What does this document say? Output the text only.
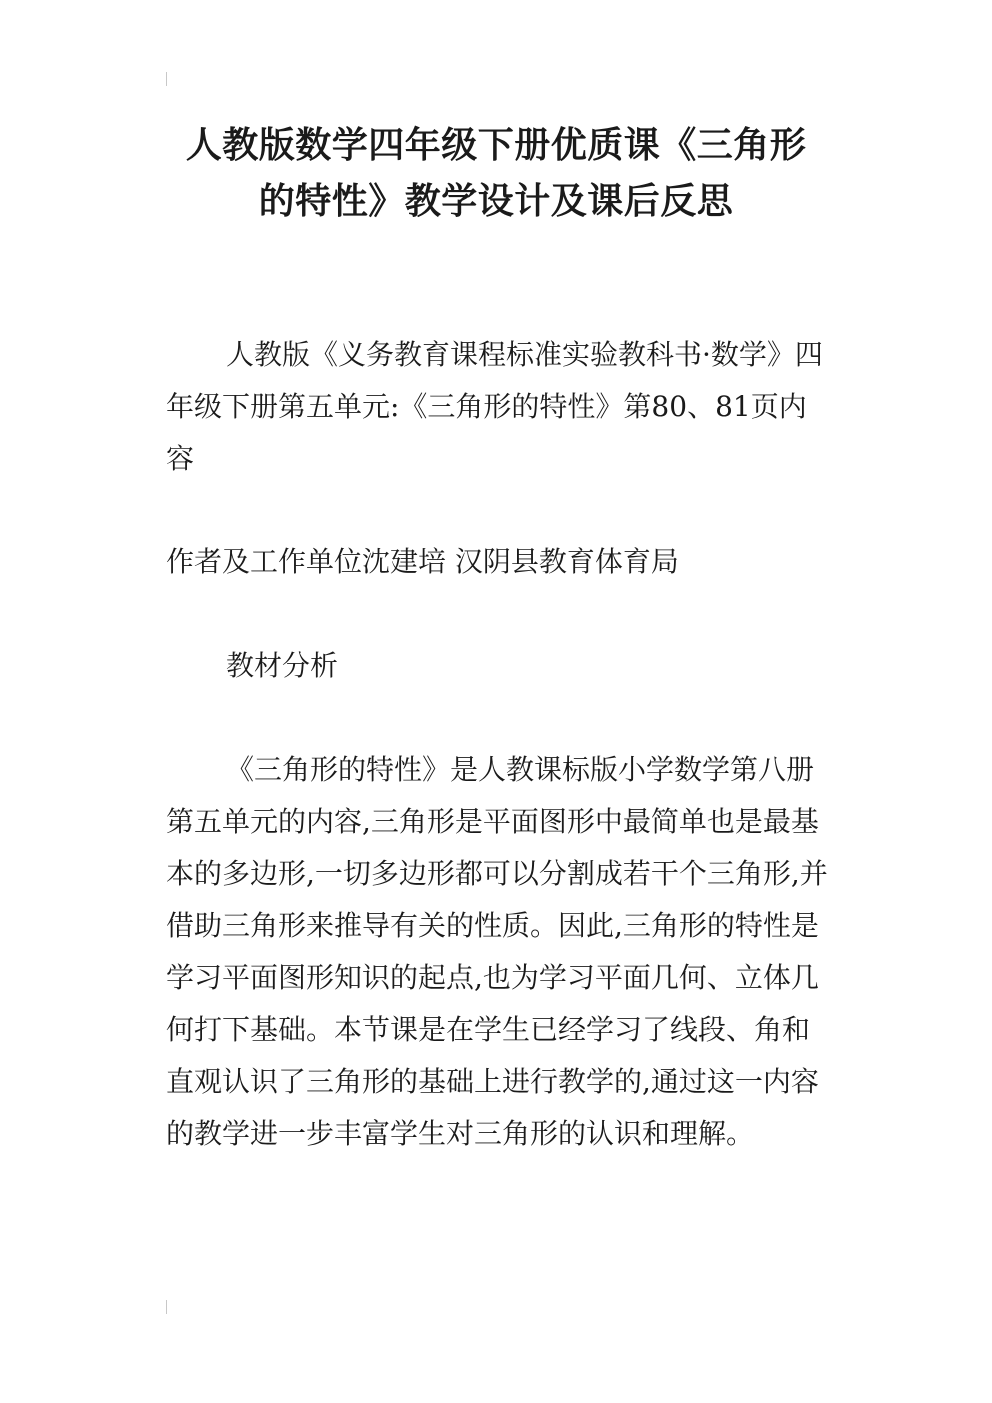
人教版数学四年级下册优质课《三角形
的特性》教学设计及课后反思

人教版《义务教育课程标准实验教科书·数学》四年级下册第五单元:《三角形的特性》第80、81页内容

作者及工作单位沈建培 汉阴县教育体育局

教材分析

《三角形的特性》是人教课标版小学数学第八册第五单元的内容,三角形是平面图形中最简单也是最基本的多边形,一切多边形都可以分割成若干个三角形,并借助三角形来推导有关的性质。因此,三角形的特性是学习平面图形知识的起点,也为学习平面几何、立体几何打下基础。本节课是在学生已经学习了线段、角和直观认识了三角形的基础上进行教学的,通过这一内容的教学进一步丰富学生对三角形的认识和理解。
